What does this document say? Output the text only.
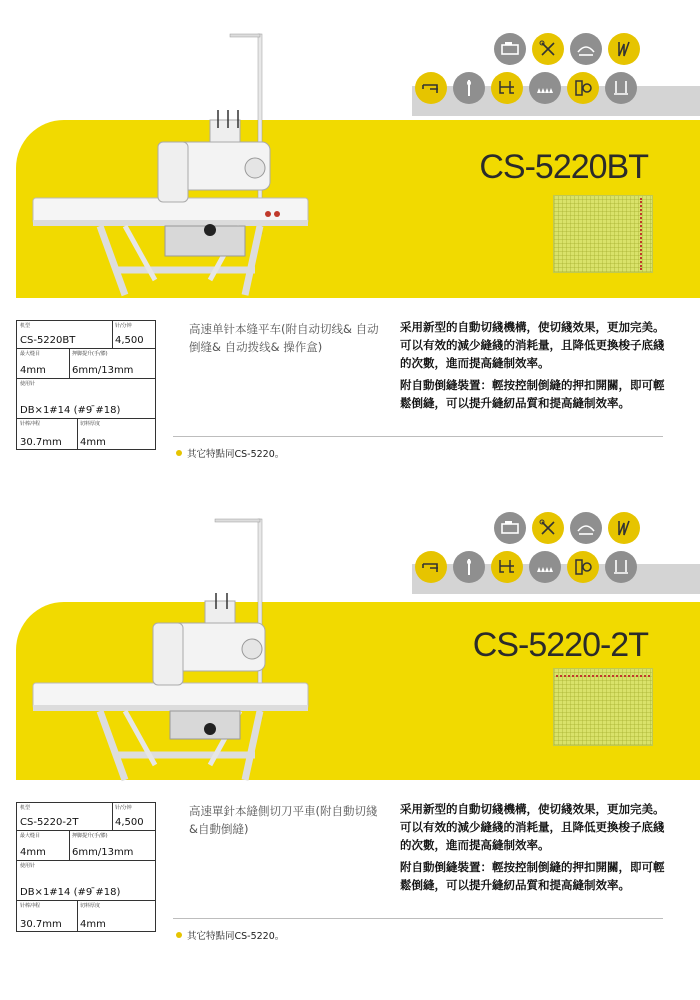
CS-5220BT
机型
CS-5220BT
针/分钟
4,500
最大缝目
4mm
押脚提升(手/膝)
6mm/13mm
使用针
DB×1#14 (#9 ̄#18)
针棒冲程
30.7mm
切料厚度
4mm
高速单针本缝平车(附自动切线& 自动倒缝& 自动拨线& 操作盒)

采用新型的自動切綫機構，使切綫效果，更加完美。可以有效的減少縫綫的消耗量，且降低更換梭子底綫的次數，進而提高縫制效率。

附自動倒縫裝置：輕按控制倒縫的押扣開關，即可輕鬆倒縫，可以提升縫紉品質和提高縫制效率。

其它特點同CS-5220。
CS-5220-2T
机型
CS-5220-2T
针/分钟
4,500
最大缝目
4mm
押脚提升(手/膝)
6mm/13mm
使用针
DB×1#14 (#9 ̄#18)
针棒冲程
30.7mm
切料厚度
4mm
高速單針本縫側切刀平車(附自動切綫&自動倒縫)

采用新型的自動切綫機構，使切綫效果，更加完美。可以有效的減少縫綫的消耗量，且降低更換梭子底綫的次數，進而提高縫制效率。

附自動倒縫裝置：輕按控制倒縫的押扣開關，即可輕鬆倒縫，可以提升縫紉品質和提高縫制效率。

其它特點同CS-5220。
